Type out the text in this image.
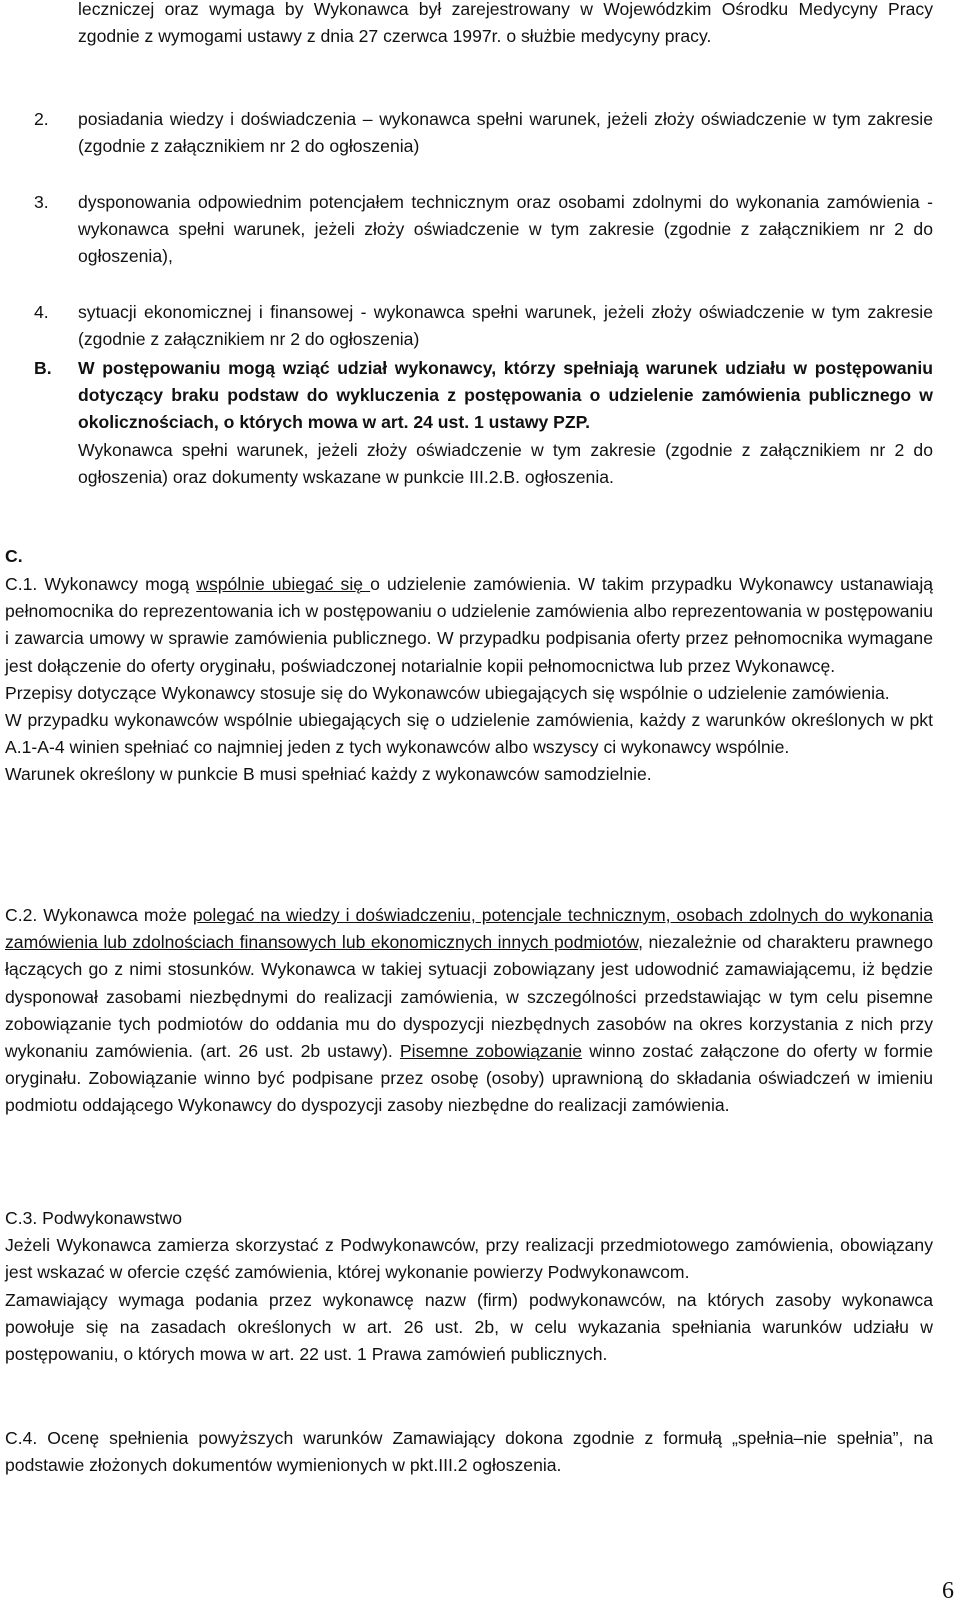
leczniczej oraz wymaga by Wykonawca był zarejestrowany w Wojewódzkim Ośrodku Medycyny Pracy zgodnie z wymogami ustawy z dnia 27 czerwca 1997r. o służbie medycyny pracy.
2. posiadania wiedzy i doświadczenia – wykonawca spełni warunek, jeżeli złoży oświadczenie w tym zakresie (zgodnie z załącznikiem nr 2 do ogłoszenia)
3. dysponowania odpowiednim potencjałem technicznym oraz osobami zdolnymi do wykonania zamówienia - wykonawca spełni warunek, jeżeli złoży oświadczenie w tym zakresie (zgodnie z załącznikiem nr 2 do ogłoszenia),
4. sytuacji ekonomicznej i finansowej - wykonawca spełni warunek, jeżeli złoży oświadczenie w tym zakresie (zgodnie z załącznikiem nr 2 do ogłoszenia)
B. W postępowaniu mogą wziąć udział wykonawcy, którzy spełniają warunek udziału w postępowaniu dotyczący braku podstaw do wykluczenia z postępowania o udzielenie zamówienia publicznego w okolicznościach, o których mowa w art. 24 ust. 1 ustawy PZP.
Wykonawca spełni warunek, jeżeli złoży oświadczenie w tym zakresie (zgodnie z załącznikiem nr 2 do ogłoszenia) oraz dokumenty wskazane w punkcie III.2.B. ogłoszenia.
C.
C.1. Wykonawcy mogą wspólnie ubiegać się o udzielenie zamówienia. W takim przypadku Wykonawcy ustanawiają pełnomocnika do reprezentowania ich w postępowaniu o udzielenie zamówienia albo reprezentowania w postępowaniu i zawarcia umowy w sprawie zamówienia publicznego. W przypadku podpisania oferty przez pełnomocnika wymagane jest dołączenie do oferty oryginału, poświadczonej notarialnie kopii pełnomocnictwa lub przez Wykonawcę.
Przepisy dotyczące Wykonawcy stosuje się do Wykonawców ubiegających się wspólnie o udzielenie zamówienia.
W przypadku wykonawców wspólnie ubiegających się o udzielenie zamówienia, każdy z warunków określonych w pkt A.1-A-4 winien spełniać co najmniej jeden z tych wykonawców albo wszyscy ci wykonawcy wspólnie.
Warunek określony w punkcie B musi spełniać każdy z wykonawców samodzielnie.
C.2. Wykonawca może polegać na wiedzy i doświadczeniu, potencjale technicznym, osobach zdolnych do wykonania zamówienia lub zdolnościach finansowych lub ekonomicznych innych podmiotów, niezależnie od charakteru prawnego łączących go z nimi stosunków. Wykonawca w takiej sytuacji zobowiązany jest udowodnić zamawiającemu, iż będzie dysponował zasobami niezbędnymi do realizacji zamówienia, w szczególności przedstawiając w tym celu pisemne zobowiązanie tych podmiotów do oddania mu do dyspozycji niezbędnych zasobów na okres korzystania z nich przy wykonaniu zamówienia. (art. 26 ust. 2b ustawy). Pisemne zobowiązanie winno zostać załączone do oferty w formie oryginału. Zobowiązanie winno być podpisane przez osobę (osoby) uprawnioną do składania oświadczeń w imieniu podmiotu oddającego Wykonawcy do dyspozycji zasoby niezbędne do realizacji zamówienia.
C.3. Podwykonawstwo
Jeżeli Wykonawca zamierza skorzystać z Podwykonawców, przy realizacji przedmiotowego zamówienia, obowiązany jest wskazać w ofercie część zamówienia, której wykonanie powierzy Podwykonawcom.
Zamawiający wymaga podania przez wykonawcę nazw (firm) podwykonawców, na których zasoby wykonawca powołuje się na zasadach określonych w art. 26 ust. 2b, w celu wykazania spełniania warunków udziału w postępowaniu, o których mowa w art. 22 ust. 1 Prawa zamówień publicznych.
C.4. Ocenę spełnienia powyższych warunków Zamawiający dokona zgodnie z formułą „spełnia–nie spełnia”, na podstawie złożonych dokumentów wymienionych w pkt.III.2 ogłoszenia.
6
